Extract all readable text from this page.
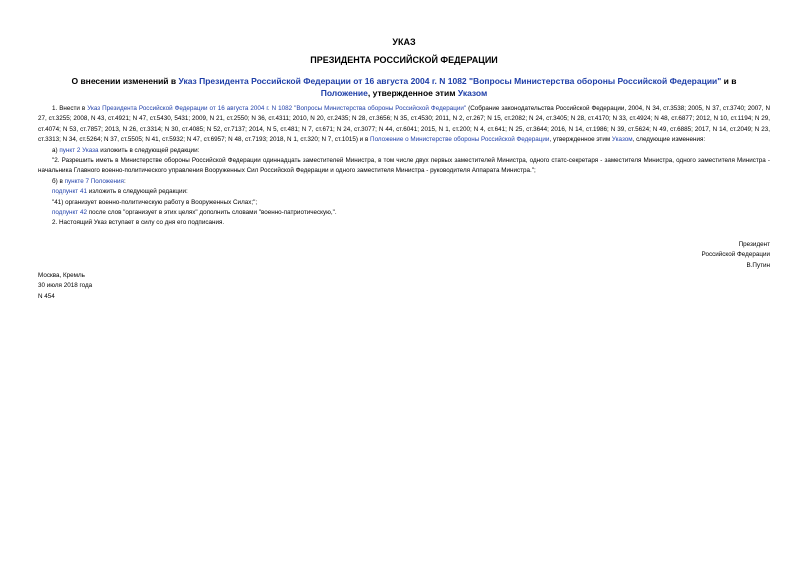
УКАЗ

ПРЕЗИДЕНТА РОССИЙСКОЙ ФЕДЕРАЦИИ

О внесении изменений в Указ Президента Российской Федерации от 16 августа 2004 г. N 1082 "Вопросы Министерства обороны Российской Федерации" и в
Положение, утвержденное этим Указом

1. Внести в Указ Президента Российской Федерации от 16 августа 2004 г. N 1082 "Вопросы Министерства обороны Российской Федерации" (Собрание законодательства Российской Федерации, 2004, N 34, ст.3538; 2005, N 37, ст.3740; 2007, N 27, ст.3255; 2008, N 43, ст.4921; N 47, ст.5430, 5431; 2009, N 21, ст.2550; N 36, ст.4311; 2010, N 20, ст.2435; N 28, ст.3656; N 35, ст.4530; 2011, N 2, ст.267; N 15, ст.2082; N 24, ст.3405; N 28, ст.4170; N 33, ст.4924; N 48, ст.6877; 2012, N 10, ст.1194; N 29, ст.4074; N 53, ст.7857; 2013, N 26, ст.3314; N 30, ст.4085; N 52, ст.7137; 2014, N 5, ст.481; N 7, ст.671; N 24, ст.3077; N 44, ст.6041; 2015, N 1, ст.200; N 4, ст.641; N 25, ст.3644; 2016, N 14, ст.1986; N 39, ст.5624; N 49, ст.6885; 2017, N 14, ст.2049; N 23, ст.3313; N 34, ст.5264; N 37, ст.5505; N 41, ст.5932; N 47, ст.6957; N 48, ст.7193; 2018, N 1, ст.320; N 7, ст.1015) и в Положение о Министерстве обороны Российской Федерации, утвержденное этим Указом, следующие изменения:

а) пункт 2 Указа изложить в следующей редакции:

"2. Разрешить иметь в Министерстве обороны Российской Федерации одиннадцать заместителей Министра, в том числе двух первых заместителей Министра, одного статс-секретаря - заместителя Министра, одного заместителя Министра - начальника Главного военно-политического управления Вооруженных Сил Российской Федерации и одного заместителя Министра - руководителя Аппарата Министра.";

б) в пункте 7 Положения:

подпункт 41 изложить в следующей редакции:

"41) организует военно-политическую работу в Вооруженных Силах;";

подпункт 42 после слов "организует в этих целях" дополнить словами "военно-патриотическую,".

2. Настоящий Указ вступает в силу со дня его подписания.

Президент

Российской Федерации

В.Путин

Москва, Кремль

30 июля 2018 года

N 454
